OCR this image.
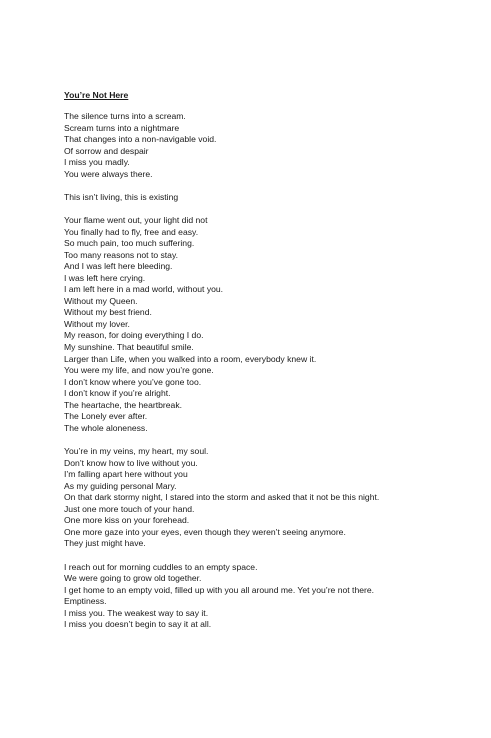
You’re Not Here
The silence turns into a scream.
Scream turns into a nightmare
That changes into a non-navigable void.
Of sorrow and despair
I miss you madly.
You were always there.
This isn’t living, this is existing
Your flame went out, your light did not
You finally had to fly, free and easy.
So much pain, too much suffering.
Too many reasons not to stay.
And I was left here bleeding.
I was left here crying.
I am left here in a mad world, without you.
Without my Queen.
Without my best friend.
Without my lover.
My reason, for doing everything I do.
My sunshine. That beautiful smile.
Larger than Life, when you walked into a room, everybody knew it.
You were my life, and now you’re gone.
I don’t know where you’ve gone too.
I don’t know if you’re alright.
The heartache, the heartbreak.
The Lonely ever after.
The whole aloneness.
You’re in my veins, my heart, my soul.
Don’t know how to live without you.
I’m falling apart here without you
As my guiding personal Mary.
On that dark stormy night, I stared into the storm and asked that it not be this night.
Just one more touch of your hand.
One more kiss on your forehead.
One more gaze into your eyes, even though they weren’t seeing anymore.
They just might have.
I reach out for morning cuddles to an empty space.
We were going to grow old together.
I get home to an empty void, filled up with you all around me. Yet you’re not there.
Emptiness.
I miss you. The weakest way to say it.
I miss you doesn’t begin to say it at all.
